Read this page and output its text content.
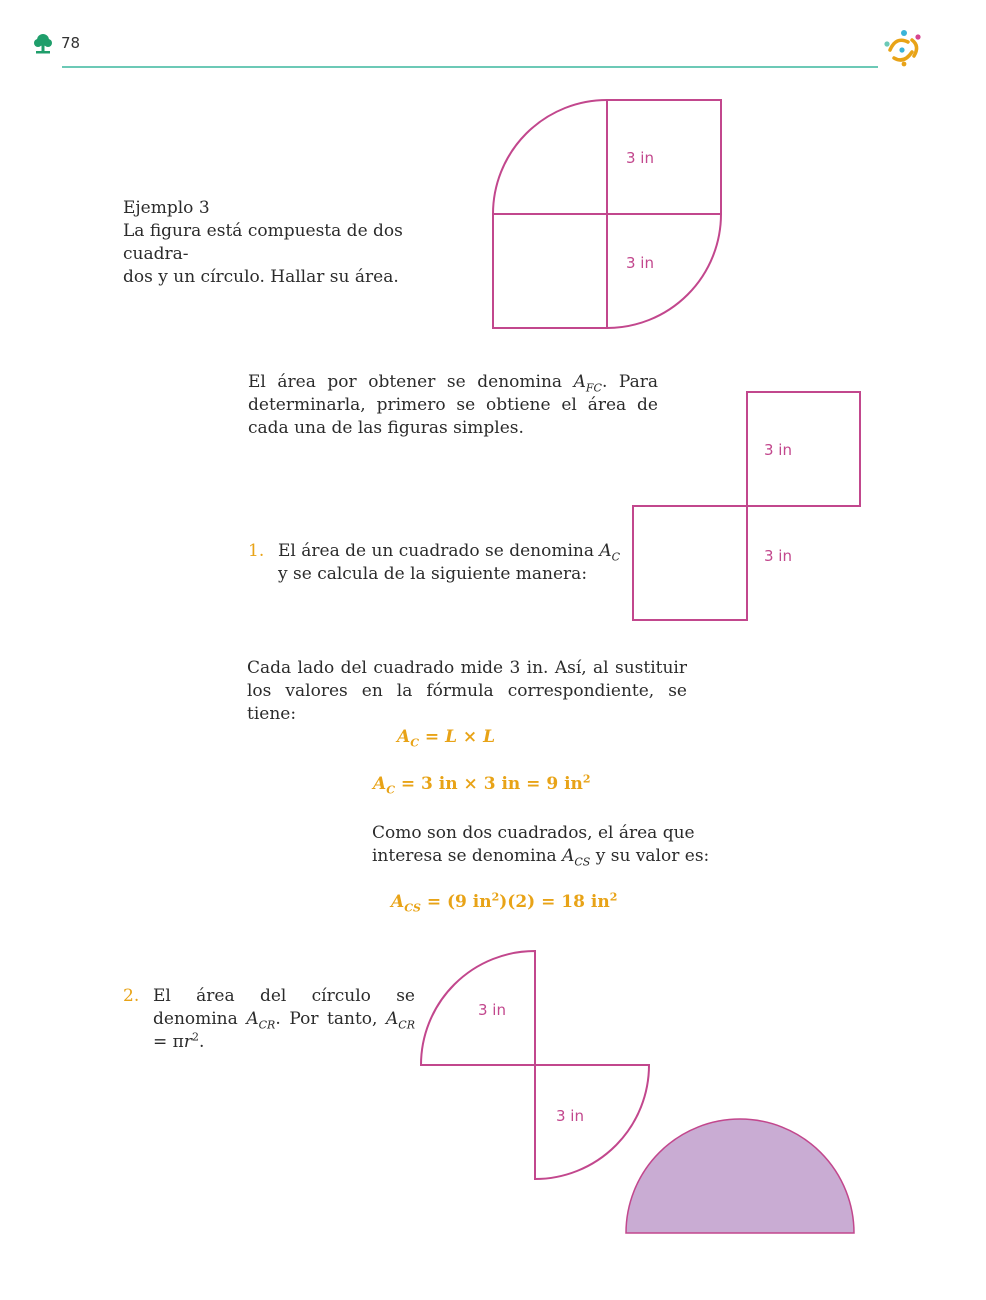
78
Ejemplo 3
La figura está compuesta de dos cuadra-
dos y un círculo. Hallar su área.
3 in
3 in
El área por obtener se denomina $A_{FC}$. Para determinarla, primero se obtiene el área de cada una de las figuras simples.
3 in
3 in
1. El área de un cuadrado se denomina $A_C$ y se calcula de la siguiente manera:
Cada lado del cuadrado mide 3 in. Así, al sustituir los valores en la fórmula correspondiente, se tiene:
$A_C = L \times L$
$A_C = 3$ in × 3 in = 9 $in^2$
Como son dos cuadrados, el área que interesa se denomina $A_{CS}$ y su valor es:
$A_{CS} = (9$ $in^2)(2) = 18$ $in^2$
2. El área del círculo se denomina $A_{CR}$. Por tanto, $A_{CR} = \pi r^2$.
3 in
3 in
